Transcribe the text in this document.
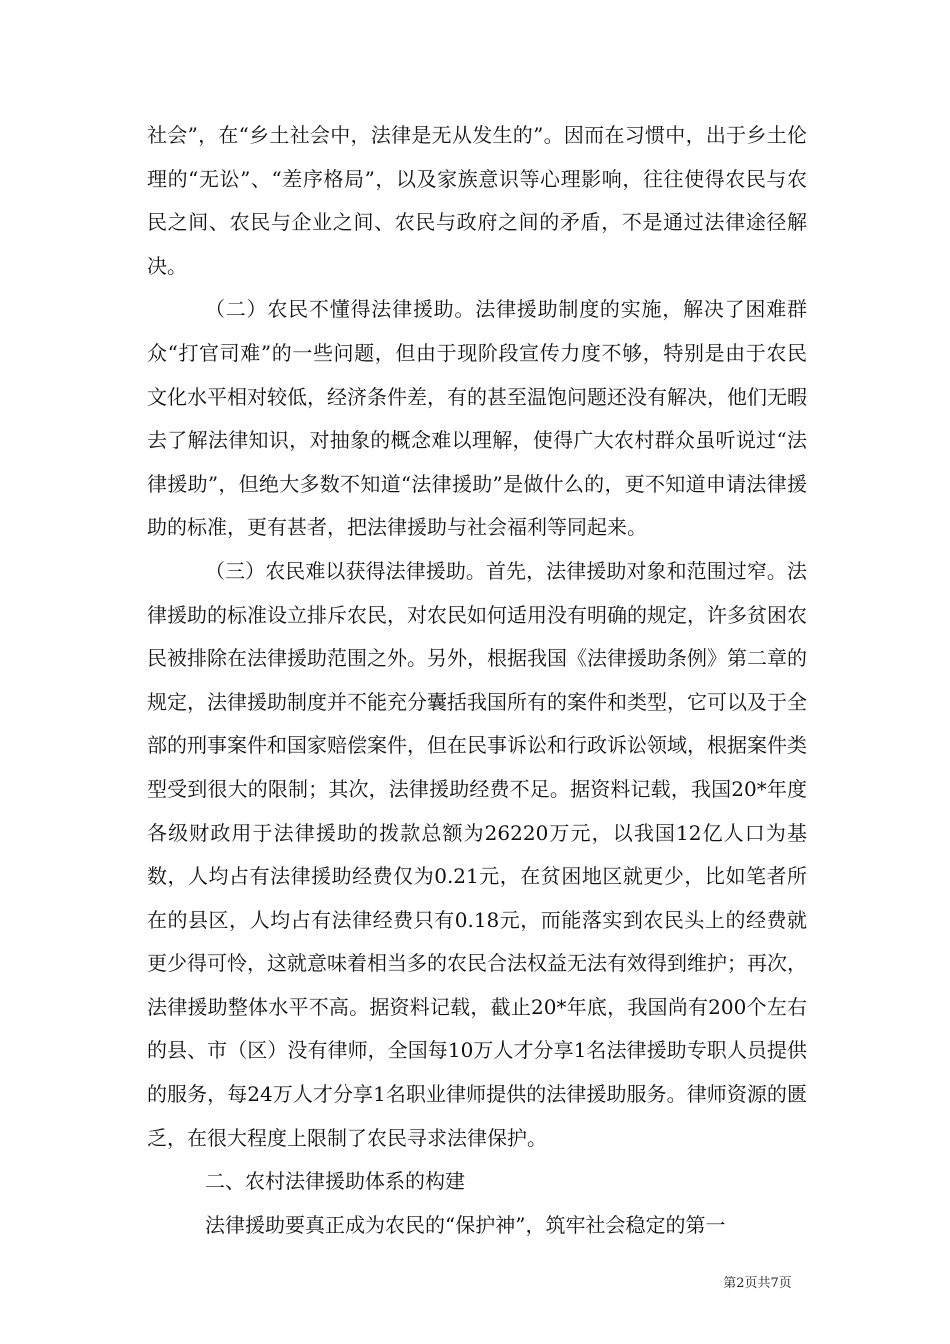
社会”，在“乡土社会中，法律是无从发生的”。因而在习惯中，出于乡土伦理的“无讼”、“差序格局”，以及家族意识等心理影响，往往使得农民与农民之间、农民与企业之间、农民与政府之间的矛盾，不是通过法律途径解决。

（二）农民不懂得法律援助。法律援助制度的实施，解决了困难群众“打官司难”的一些问题，但由于现阶段宣传力度不够，特别是由于农民文化水平相对较低，经济条件差，有的甚至温饱问题还没有解决，他们无暇去了解法律知识，对抽象的概念难以理解，使得广大农村群众虽听说过“法律援助”，但绝大多数不知道“法律援助”是做什么的，更不知道申请法律援助的标准，更有甚者，把法律援助与社会福利等同起来。

（三）农民难以获得法律援助。首先，法律援助对象和范围过窄。法律援助的标准设立排斥农民，对农民如何适用没有明确的规定，许多贫困农民被排除在法律援助范围之外。另外，根据我国《法律援助条例》第二章的规定，法律援助制度并不能充分囊括我国所有的案件和类型，它可以及于全部的刑事案件和国家赔偿案件，但在民事诉讼和行政诉讼领域，根据案件类型受到很大的限制；其次，法律援助经费不足。据资料记载，我国20*年度各级财政用于法律援助的拨款总额为26220万元，以我国12亿人口为基数，人均占有法律援助经费仅为0.21元，在贫困地区就更少，比如笔者所在的县区，人均占有法律经费只有0.18元，而能落实到农民头上的经费就更少得可怜，这就意味着相当多的农民合法权益无法有效得到维护；再次，法律援助整体水平不高。据资料记载，截止20*年底，我国尚有200个左右的县、市（区）没有律师，全国每10万人才分享1名法律援助专职人员提供的服务，每24万人才分享1名职业律师提供的法律援助服务。律师资源的匮乏，在很大程度上限制了农民寻求法律保护。

二、农村法律援助体系的构建

法律援助要真正成为农民的“保护神”，筑牢社会稳定的第一

第2页共7页
